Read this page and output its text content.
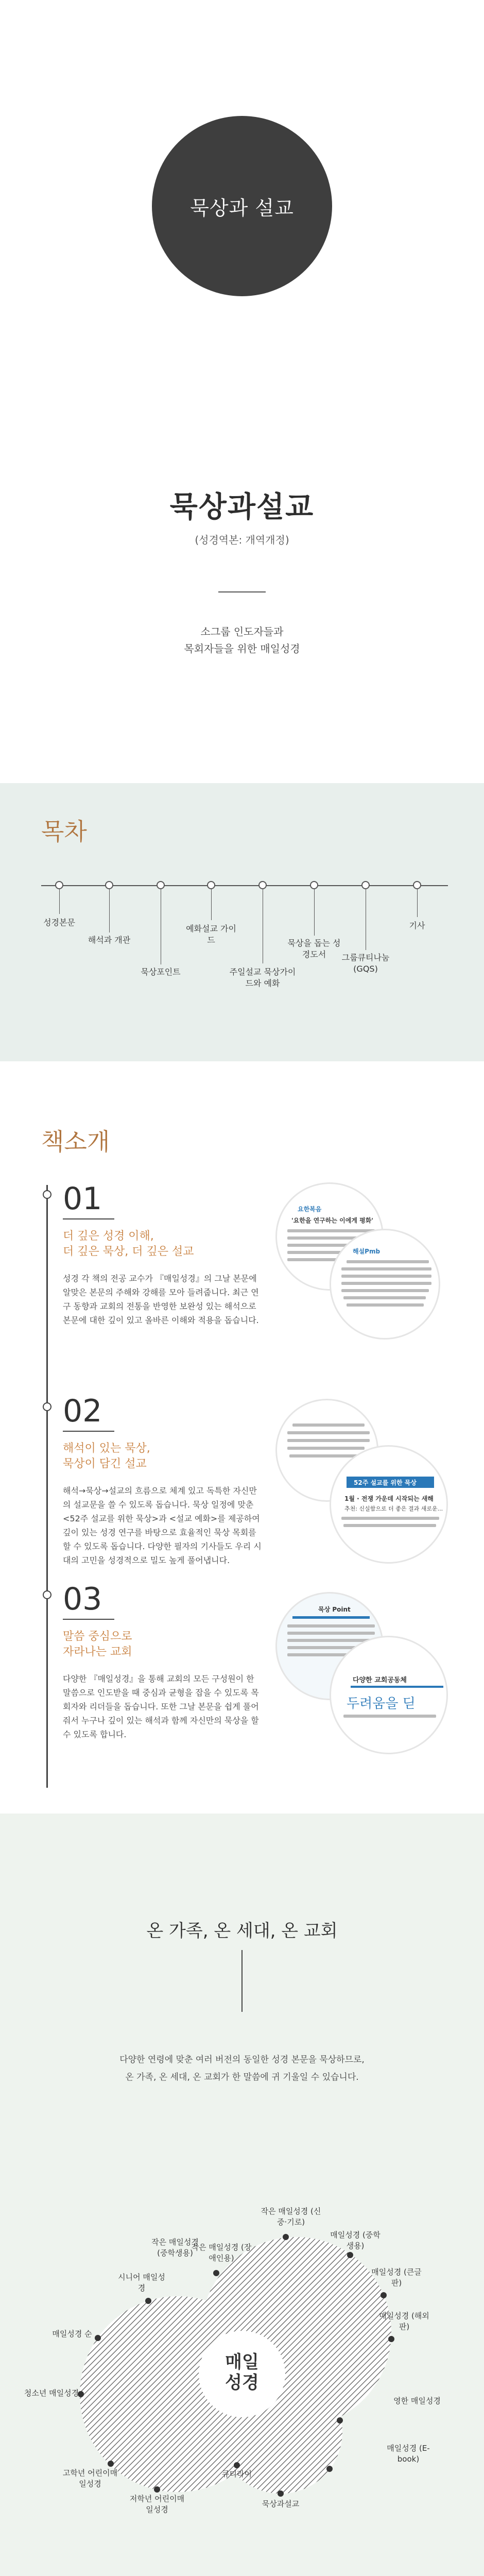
묵상과 설교
묵상과설교
(성경역본: 개역개정)
소그룹 인도자들과
목회자들을 위한 매일성경
목차
성경본문
해석과 개관
묵상포인트
예화설교 가이드
주일설교 묵상가이드와 예화
묵상을 돕는 성경도서	그룹큐티나눔 (GQS)
기사
책소개
01
더 깊은 성경 이해,
더 깊은 묵상, 더 깊은 설교
성경 각 책의 전공 교수가 『매일성경』의 그날 본문에 알맞은 본문의 주해와 강해를 모아 들려줍니다. 최근 연구 동향과 교회의 전통을 반영한 보완성 있는 해석으로 본문에 대한 깊이 있고 올바른 이해와 적용을 돕습니다.
요한복음
'요한을 연구하는 이에게 평화'
해설Pmb
02
해석이 있는 묵상,
묵상이 담긴 설교
해석→묵상→설교의 흐름으로 체계 있고 독특한 자신만의 설교문을 쓸 수 있도록 돕습니다. 묵상 일정에 맞춘 <52주 설교를 위한 묵상>과 <설교 예화>를 제공하여 깊이 있는 성경 연구를 바탕으로 효율적인 묵상 목회를 할 수 있도록 돕습니다. 다양한 필자의 기사들도 우리 시대의 고민을 성경적으로 밀도 높게 풀어냅니다.
52주 설교를 위한 묵상
1월 · 전쟁 가운데 시작되는 새해
추천: 신실함으로 더 좋은 결과 새로운...
03
말씀 중심으로
자라나는 교회
다양한 『매일성경』을 통해 교회의 모든 구성원이 한 말씀으로 인도받을 때 중심과 균형을 잡을 수 있도록 목회자와 리더들을 돕습니다. 또한 그날 본문을 쉽게 풀어줘서 누구나 깊이 있는 해석과 함께 자신만의 묵상을 할 수 있도록 합니다.
묵상 Point
다양한 교회공동체
두려움을 딛
온 가족, 온 세대, 온 교회
다양한 연령에 맞춘 여러 버전의 동일한 성경 본문을 묵상하므로,
온 가족, 온 세대, 온 교회가 한 말씀에 귀 기울일 수 있습니다.
매일
성경
작은 매일성경 (장애인용)
작은 매일성경 (신중·기로)
매일성경 (중학생용)
매일성경 (큰글판)
매일성경 (해외판)
영한 매일성경
매일성경 (E-book)
묵상과설교
큐티라이
저학년 어린이매일성경
고학년 어린이매일성경
청소년 매일성경
매일성경 순
시니어 매일성경
작은 매일성경 (중학생용)
